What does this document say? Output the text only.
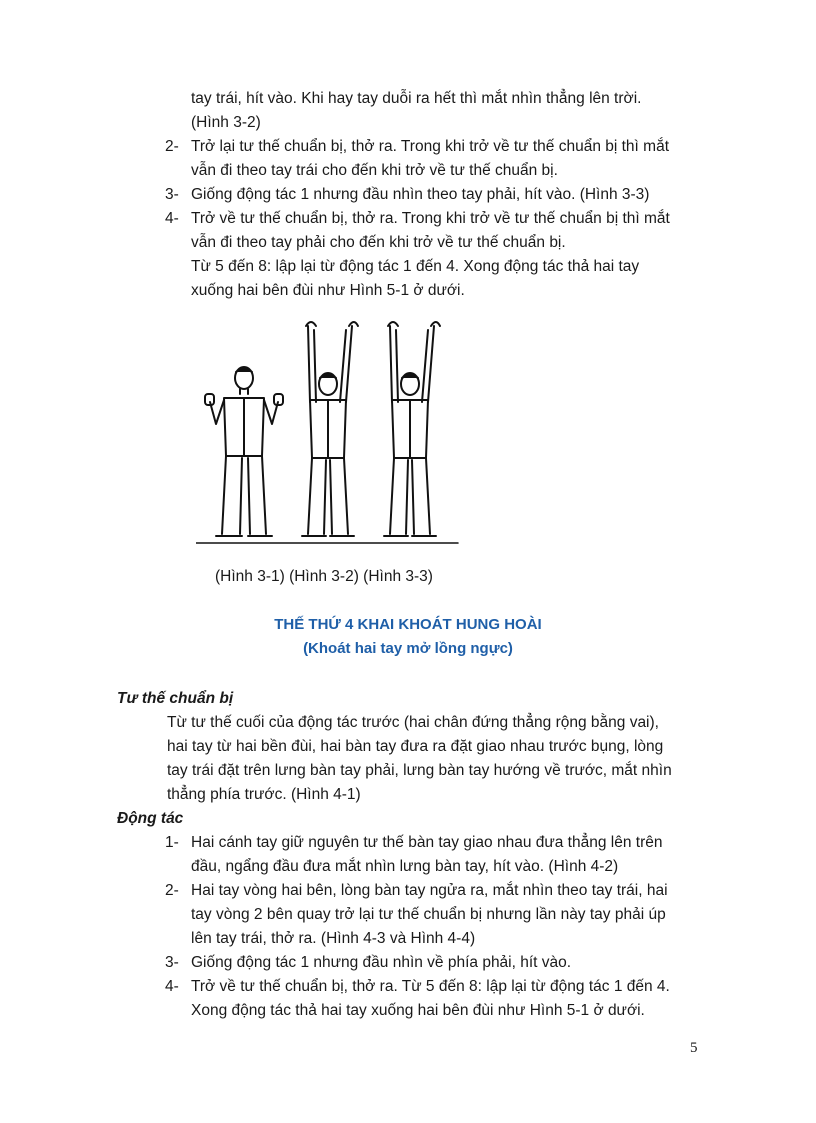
tay trái, hít vào. Khi hay tay duỗi ra hết thì mắt nhìn thẳng lên trời.

(Hình 3-2)

2- Trở lại tư thế chuẩn bị, thở ra. Trong khi trở về tư thế chuẩn bị thì mắt

vẫn đi theo tay trái cho đến khi trở về tư thế chuẩn bị.

3- Giống động tác 1 nhưng đầu nhìn theo tay phải, hít vào. (Hình 3-3)

4- Trở về tư thế chuẩn bị, thở ra. Trong khi trở về tư thế chuẩn bị thì mắt

vẫn đi theo tay phải cho đến khi trở về tư thế chuẩn bị.

Từ 5 đến 8: lập lại từ động tác 1 đến 4. Xong động tác thả hai tay

xuống hai bên đùi như Hình 5-1 ở dưới.

(Hình 3-1) (Hình 3-2) (Hình 3-3)
THẾ THỨ 4 KHAI KHOÁT HUNG HOÀI
(Khoát hai tay mở lồng ngực)
Tư thế chuẩn bị

Từ tư thế cuối của động tác trước (hai chân đứng thẳng rộng bằng vai),

hai tay từ hai bền đùi, hai bàn tay đưa ra đặt giao nhau trước bụng, lòng

tay trái đặt trên lưng bàn tay phải, lưng bàn tay hướng về trước, mắt nhìn

thẳng phía trước. (Hình 4-1)

Động tác
1- Hai cánh tay giữ nguyên tư thế bàn tay giao nhau đưa thẳng lên trên

đầu, ngẩng đầu đưa mắt nhìn lưng bàn tay, hít vào. (Hình 4-2)

2- Hai tay vòng hai bên, lòng bàn tay ngửa ra, mắt nhìn theo tay trái, hai

tay vòng 2 bên quay trở lại tư thế chuẩn bị nhưng lần này tay phải úp

lên tay trái, thở ra. (Hình 4-3 và Hình 4-4)

3- Giống động tác 1 nhưng đầu nhìn về phía phải, hít vào.

4- Trở về tư thế chuẩn bị, thở ra. Từ 5 đến 8: lập lại từ động tác 1 đến 4.

Xong động tác thả hai tay xuống hai bên đùi như Hình 5-1 ở dưới.

5
